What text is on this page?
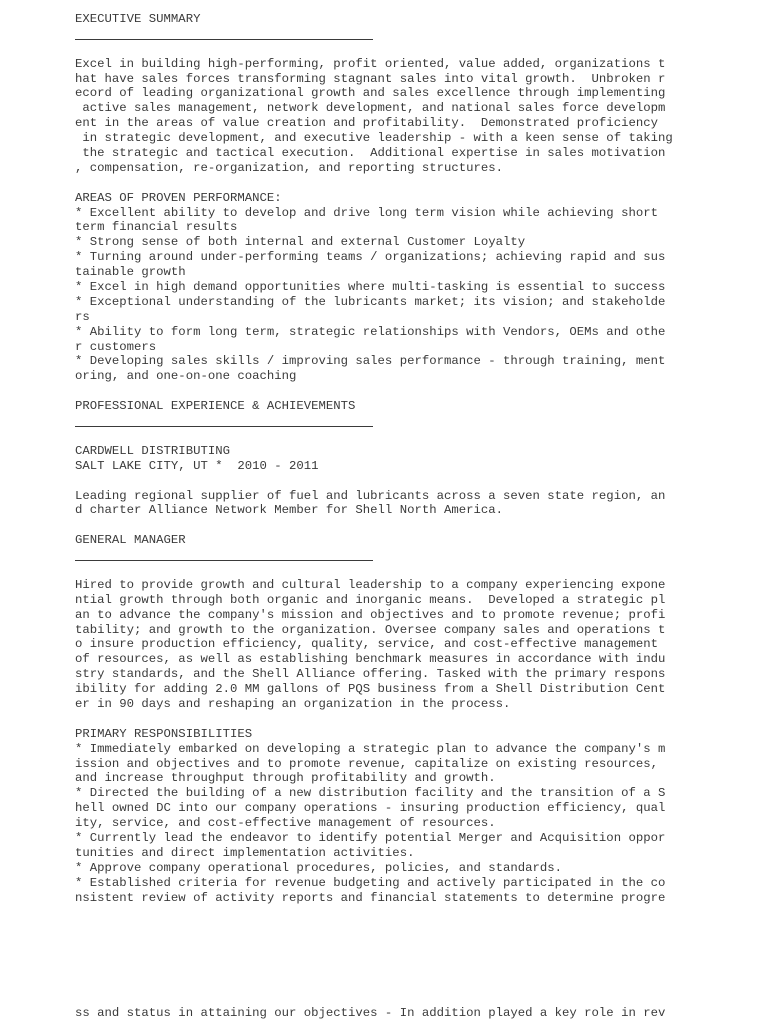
EXECUTIVE SUMMARY
Excel in building high-performing, profit oriented, value added, organizations t
hat have sales forces transforming stagnant sales into vital growth.  Unbroken r
ecord of leading organizational growth and sales excellence through implementing
active sales management, network development, and national sales force developm
ent in the areas of value creation and profitability.  Demonstrated proficiency
in strategic development, and executive leadership - with a keen sense of taking
the strategic and tactical execution.  Additional expertise in sales motivation
, compensation, re-organization, and reporting structures.
AREAS OF PROVEN PERFORMANCE:
* Excellent ability to develop and drive long term vision while achieving short
term financial results
* Strong sense of both internal and external Customer Loyalty
* Turning around under-performing teams / organizations; achieving rapid and sus
tainable growth
* Excel in high demand opportunities where multi-tasking is essential to success
* Exceptional understanding of the lubricants market; its vision; and stakeholde
rs
* Ability to form long term, strategic relationships with Vendors, OEMs and othe
r customers
* Developing sales skills / improving sales performance - through training, ment
oring, and one-on-one coaching
PROFESSIONAL EXPERIENCE & ACHIEVEMENTS
CARDWELL DISTRIBUTING
SALT LAKE CITY, UT *  2010 - 2011
Leading regional supplier of fuel and lubricants across a seven state region, an
d charter Alliance Network Member for Shell North America.
GENERAL MANAGER
Hired to provide growth and cultural leadership to a company experiencing expone
ntial growth through both organic and inorganic means.  Developed a strategic pl
an to advance the company's mission and objectives and to promote revenue; profi
tability; and growth to the organization. Oversee company sales and operations t
o insure production efficiency, quality, service, and cost-effective management
of resources, as well as establishing benchmark measures in accordance with indu
stry standards, and the Shell Alliance offering. Tasked with the primary respons
ibility for adding 2.0 MM gallons of PQS business from a Shell Distribution Cent
er in 90 days and reshaping an organization in the process.
PRIMARY RESPONSIBILITIES
* Immediately embarked on developing a strategic plan to advance the company's m
ission and objectives and to promote revenue, capitalize on existing resources,
and increase throughput through profitability and growth.
* Directed the building of a new distribution facility and the transition of a S
hell owned DC into our company operations - insuring production efficiency, qual
ity, service, and cost-effective management of resources.
* Currently lead the endeavor to identify potential Merger and Acquisition oppor
tunities and direct implementation activities.
* Approve company operational procedures, policies, and standards.
* Established criteria for revenue budgeting and actively participated in the co
nsistent review of activity reports and financial statements to determine progre
ss and status in attaining our objectives - In addition played a key role in rev
